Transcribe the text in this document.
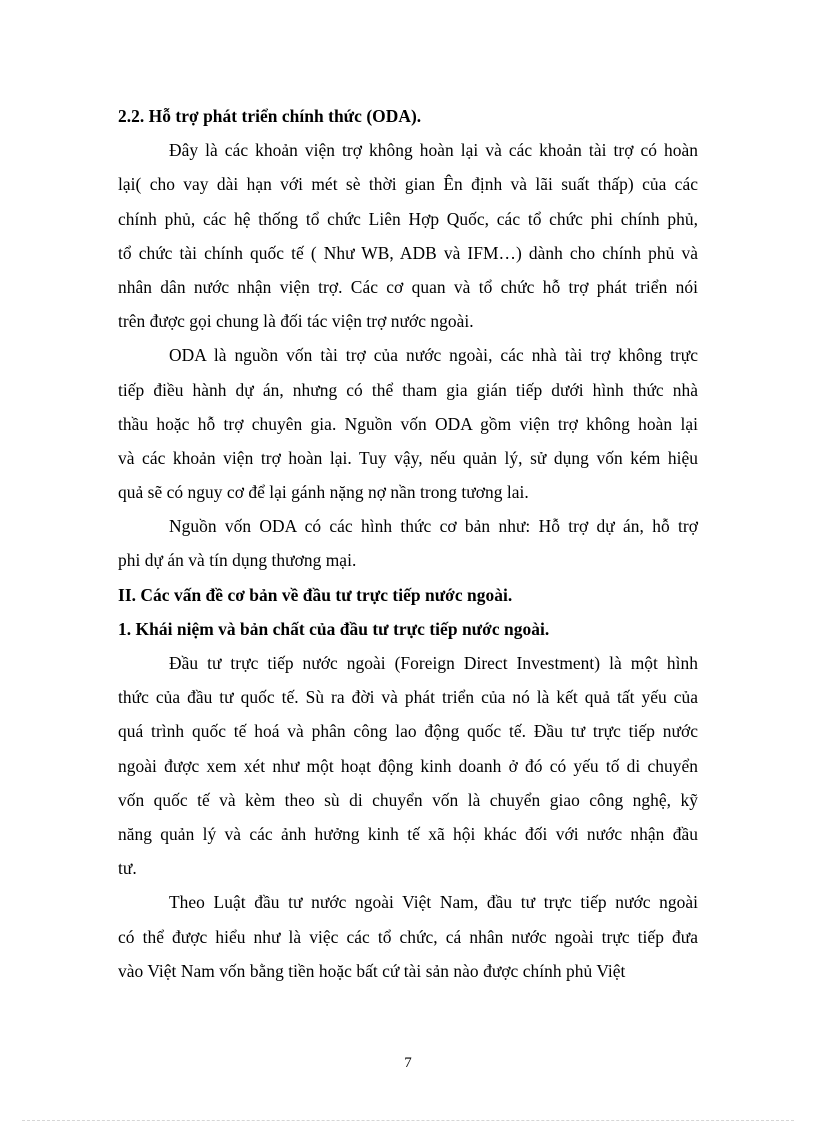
2.2. Hỗ trợ phát triển chính thức (ODA).
Đây là các khoản viện trợ không hoàn lại và các khoản tài trợ có hoàn
lại( cho vay dài hạn với mét sè thời gian Ên định và lãi suất thấp) của các
chính phủ, các hệ thống tổ chức Liên Hợp Quốc, các tổ chức phi chính phủ,
tổ chức tài chính quốc tế ( Như WB, ADB và IFM…) dành cho chính phủ và
nhân dân nước nhận viện trợ. Các cơ quan và tổ chức hỗ trợ phát triển nói
trên được gọi chung là đối tác viện trợ nước ngoài.
ODA là nguồn vốn tài trợ của nước ngoài, các nhà tài trợ không trực
tiếp điều hành dự án, nhưng có thể tham gia gián tiếp dưới hình thức nhà
thầu hoặc hỗ trợ chuyên gia. Nguồn vốn ODA gồm viện trợ không hoàn lại
và các khoản viện trợ hoàn lại. Tuy vậy, nếu quản lý, sử dụng vốn kém hiệu
quả sẽ có nguy cơ để lại gánh nặng nợ nần trong tương lai.
Nguồn vốn ODA có các hình thức cơ bản như: Hỗ trợ dự án, hỗ trợ
phi dự án và tín dụng thương mại.
II. Các vấn đề cơ bản về đầu tư trực tiếp nước ngoài.
1. Khái niệm và bản chất của đầu tư trực tiếp nước ngoài.
Đầu tư trực tiếp nước ngoài (Foreign Direct Investment) là một hình
thức của đầu tư quốc tế. Sù ra đời và phát triển của nó là kết quả tất yếu của
quá trình quốc tế hoá và phân công lao động quốc tế. Đầu tư trực tiếp nước
ngoài được xem xét như một hoạt động kinh doanh ở đó có yếu tố di chuyển
vốn quốc tế và kèm theo sù di chuyển vốn là chuyển giao công nghệ, kỹ
năng quản lý và các ảnh hưởng kinh tế xã hội khác đối với nước nhận đầu
tư.
Theo Luật đầu tư nước ngoài Việt Nam, đầu tư trực tiếp nước ngoài
có thể được hiểu như là việc các tổ chức, cá nhân nước ngoài trực tiếp đưa
vào Việt Nam vốn bằng tiền hoặc bất cứ tài sản nào được chính phủ Việt
7
